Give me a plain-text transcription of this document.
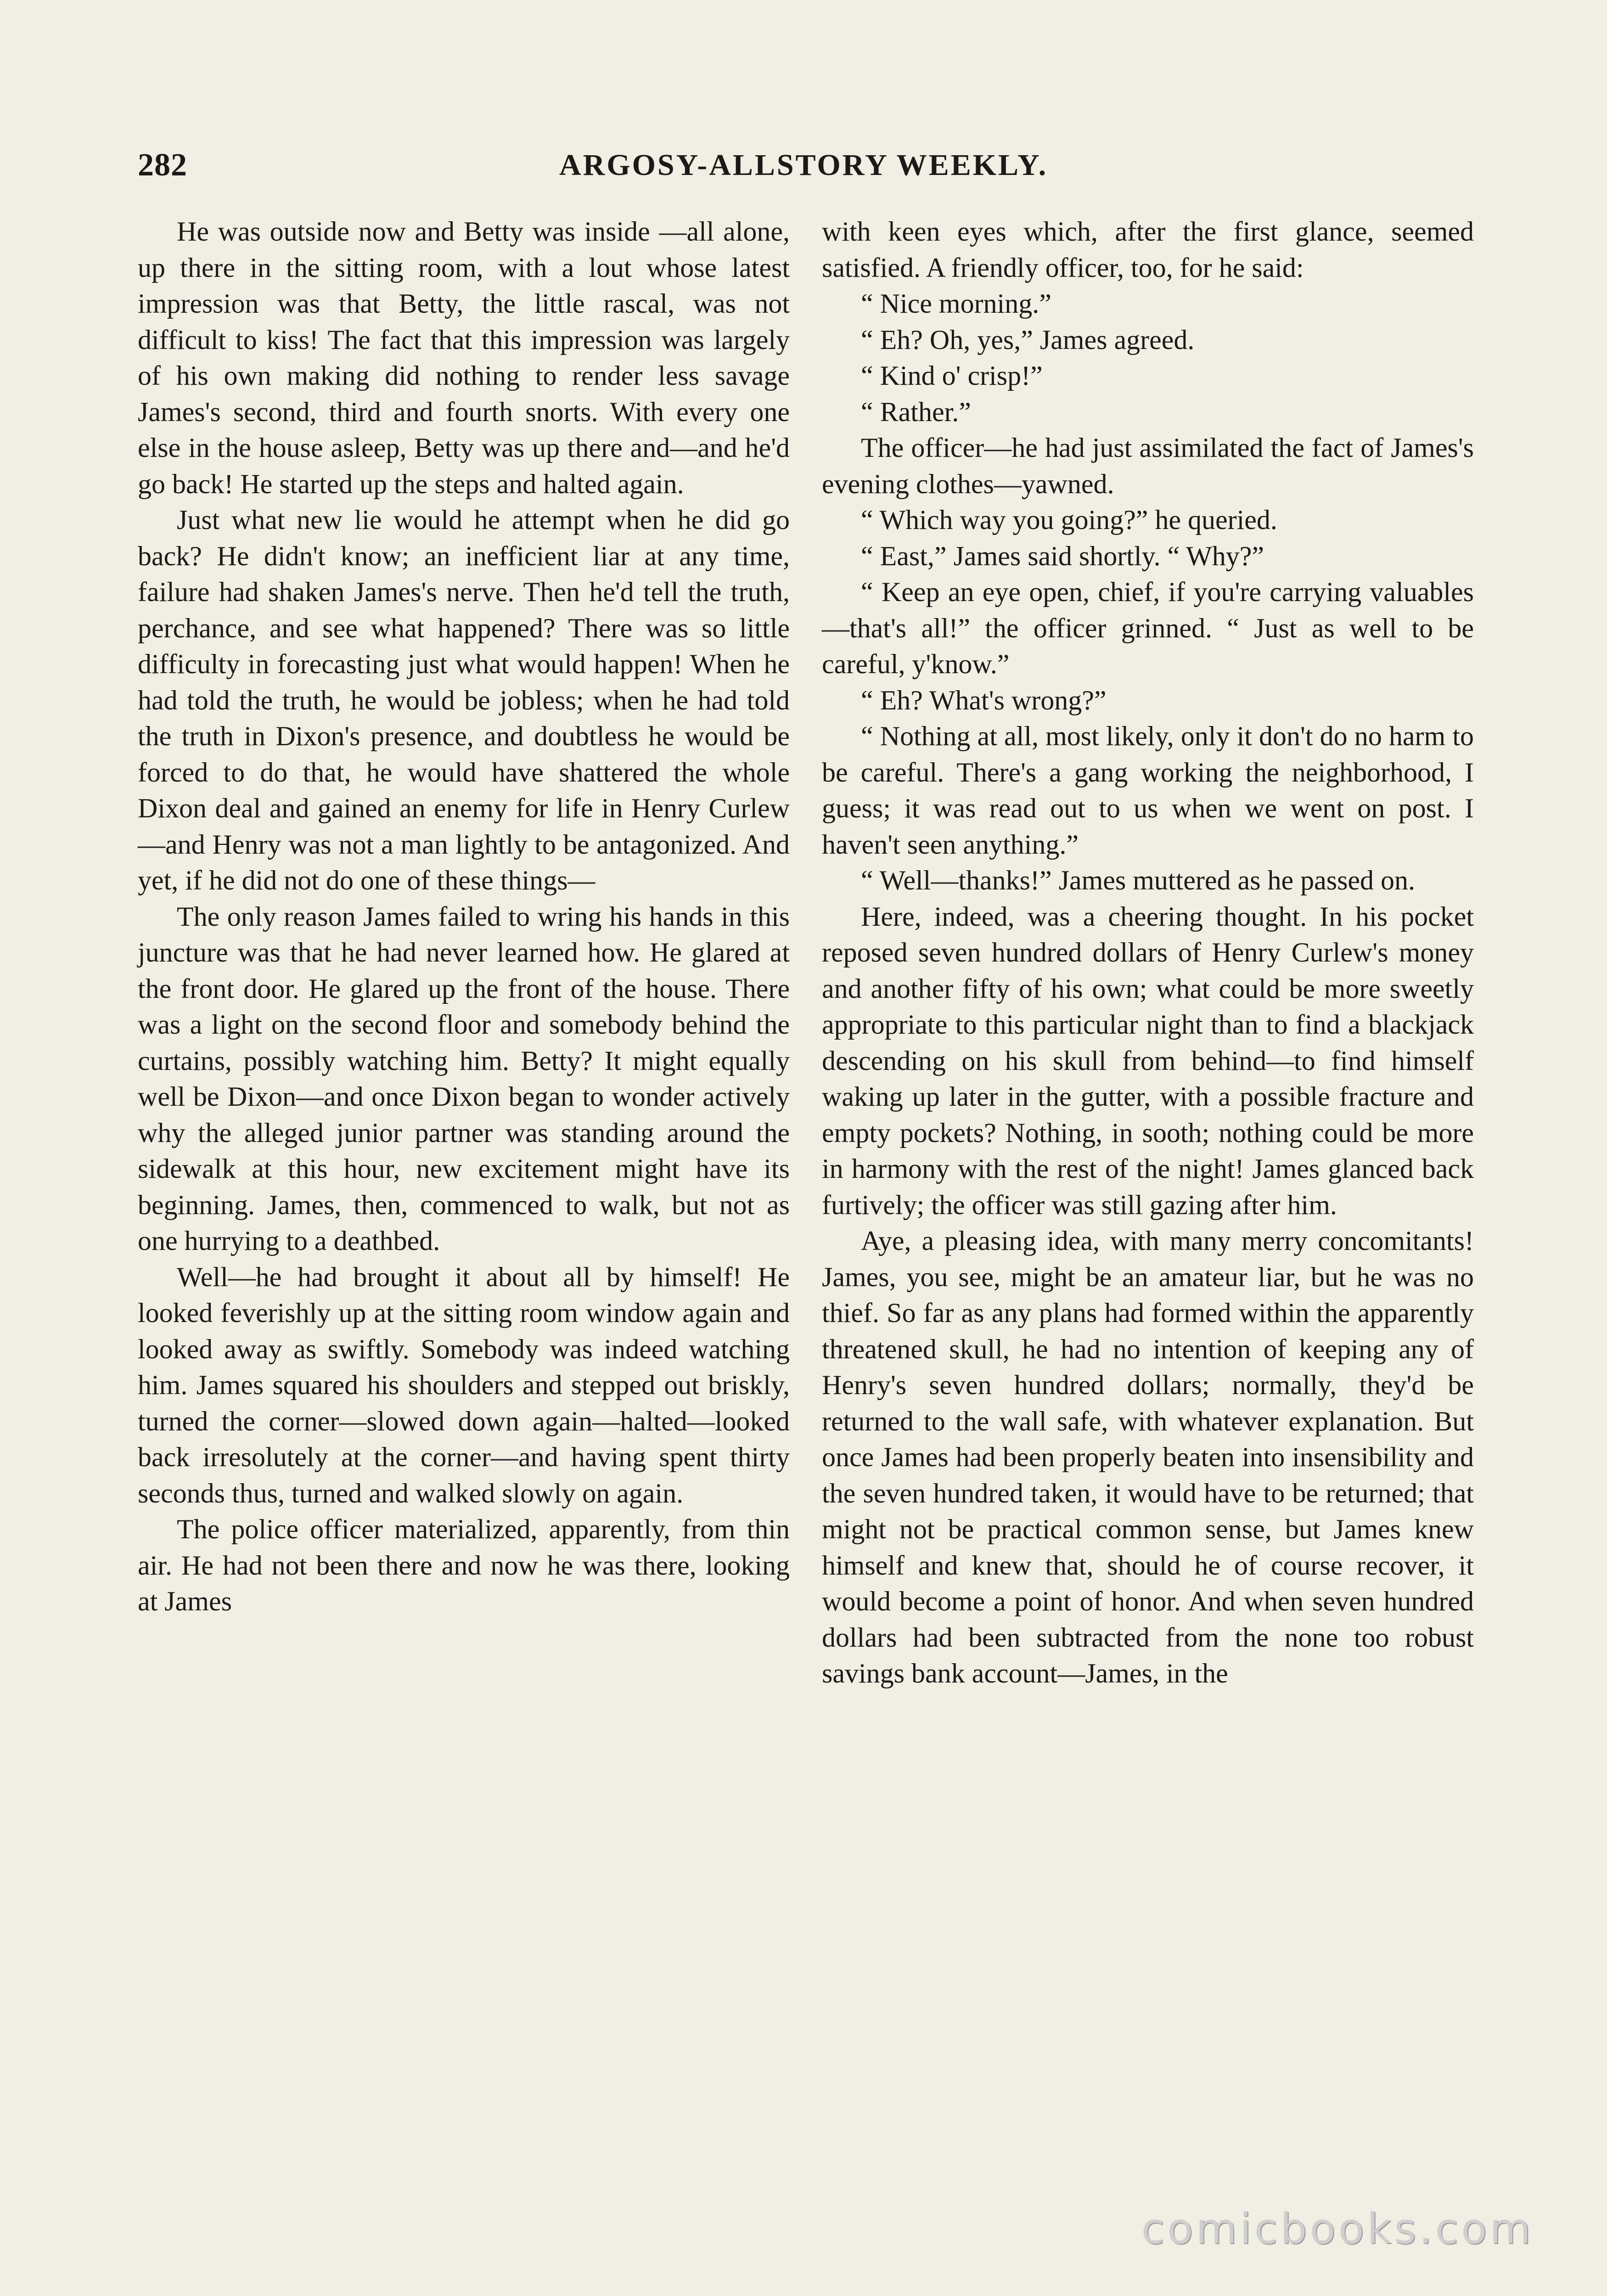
282	ARGOSY-ALLSTORY WEEKLY.

He was outside now and Betty was inside —all alone, up there in the sitting room, with a lout whose latest impression was that Betty, the little rascal, was not difficult to kiss! The fact that this impression was largely of his own making did nothing to render less savage James's second, third and fourth snorts. With every one else in the house asleep, Betty was up there and—and he'd go back! He started up the steps and halted again.

Just what new lie would he attempt when he did go back? He didn't know; an inefficient liar at any time, failure had shaken James's nerve. Then he'd tell the truth, perchance, and see what happened? There was so little difficulty in forecasting just what would happen! When he had told the truth, he would be jobless; when he had told the truth in Dixon's presence, and doubtless he would be forced to do that, he would have shattered the whole Dixon deal and gained an enemy for life in Henry Curlew—and Henry was not a man lightly to be antagonized. And yet, if he did not do one of these things—

The only reason James failed to wring his hands in this juncture was that he had never learned how. He glared at the front door. He glared up the front of the house. There was a light on the second floor and somebody behind the curtains, possibly watching him. Betty? It might equally well be Dixon—and once Dixon began to wonder actively why the alleged junior partner was standing around the sidewalk at this hour, new excitement might have its beginning. James, then, commenced to walk, but not as one hurrying to a deathbed.

Well—he had brought it about all by himself! He looked feverishly up at the sitting room window again and looked away as swiftly. Somebody was indeed watching him. James squared his shoulders and stepped out briskly, turned the corner—slowed down again—halted—looked back irresolutely at the corner—and having spent thirty seconds thus, turned and walked slowly on again.

The police officer materialized, apparently, from thin air. He had not been there and now he was there, looking at James

with keen eyes which, after the first glance, seemed satisfied. A friendly officer, too, for he said:

“ Nice morning.”

“ Eh? Oh, yes,” James agreed.

“ Kind o' crisp!”

“ Rather.”

The officer—he had just assimilated the fact of James's evening clothes—yawned.

“ Which way you going?” he queried.

“ East,” James said shortly. “ Why?”

“ Keep an eye open, chief, if you're carrying valuables—that's all!” the officer grinned. “ Just as well to be careful, y'know.”

“ Eh? What's wrong?”

“ Nothing at all, most likely, only it don't do no harm to be careful. There's a gang working the neighborhood, I guess; it was read out to us when we went on post. I haven't seen anything.”

“ Well—thanks!” James muttered as he passed on.

Here, indeed, was a cheering thought. In his pocket reposed seven hundred dollars of Henry Curlew's money and another fifty of his own; what could be more sweetly appropriate to this particular night than to find a blackjack descending on his skull from behind—to find himself waking up later in the gutter, with a possible fracture and empty pockets? Nothing, in sooth; nothing could be more in harmony with the rest of the night! James glanced back furtively; the officer was still gazing after him.

Aye, a pleasing idea, with many merry concomitants! James, you see, might be an amateur liar, but he was no thief. So far as any plans had formed within the apparently threatened skull, he had no intention of keeping any of Henry's seven hundred dollars; normally, they'd be returned to the wall safe, with whatever explanation. But once James had been properly beaten into insensibility and the seven hundred taken, it would have to be returned; that might not be practical common sense, but James knew himself and knew that, should he of course recover, it would become a point of honor. And when seven hundred dollars had been subtracted from the none too robust savings bank account—James, in the

comicbooks.com
